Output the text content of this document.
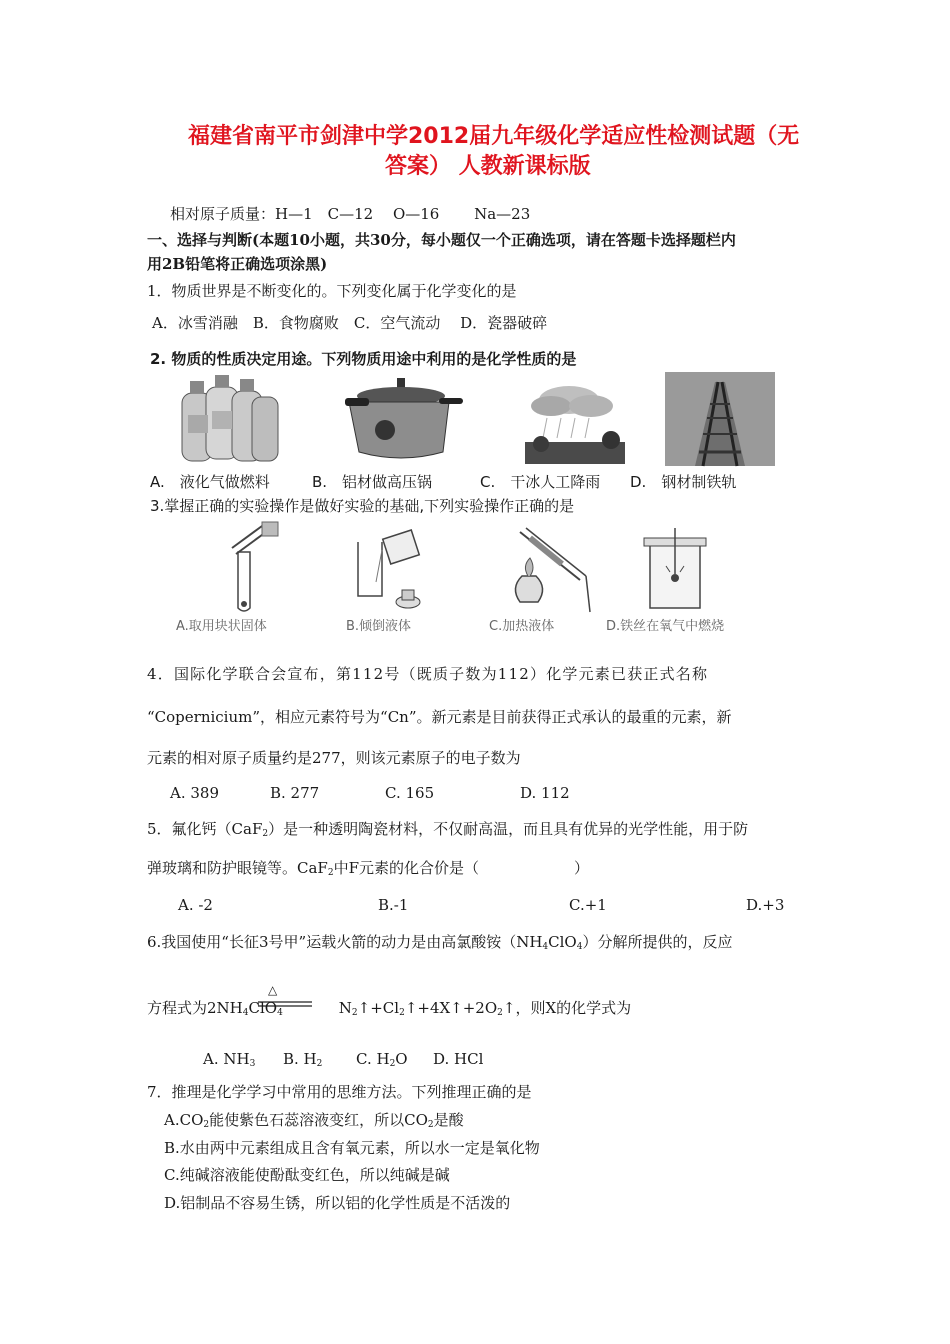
福建省南平市剑津中学2012届九年级化学适应性检测试题（无
答案） 人教新课标版
相对原子质量：H—1　C—12　 O—16　　 Na—23
一、选择与判断(本题10小题，共30分，每小题仅一个正确选项，请在答题卡选择题栏内
用2B铅笔将正确选项涂黑)
1．物质世界是不断变化的。下列变化属于化学变化的是
A．冰雪消融　B．食物腐败　C．空气流动　 D．瓷器破碎
2. 物质的性质决定用途。下列物质用途中利用的是化学性质的是
A.　液化气做燃料	B.　铝材做高压锅	C.　干冰人工降雨 D.　钢材制铁轨
3.掌握正确的实验操作是做好实验的基础,下列实验操作正确的是
A.取用块状固体	B.倾倒液体	C.加热液体	D.铁丝在氧气中燃烧
4．国际化学联合会宣布，第112号（既质子数为112）化学元素已获正式名称
“Copernicium”，相应元素符号为“Cn”。新元素是目前获得正式承认的最重的元素，新
元素的相对原子质量约是277，则该元素原子的电子数为
A. 389	B. 277	C. 165	D. 112
5．氟化钙（CaF$_2$）是一种透明陶瓷材料，不仅耐高温，而且具有优异的光学性能，用于防
弹玻璃和防护眼镜等。CaF$_2$中F元素的化合价是（	）
A. -2	B.-1	C.+1	D.+3
6.我国使用“长征3号甲”运载火箭的动力是由高氯酸铵$(NH_4ClO_4)$分解所提供的，反应
△
方程式为$2NH_4ClO_4$	$N_2↑+Cl_2↑+4X↑+2O_2↑$，则X的化学式为
A. $NH_3$ B. $H_2$ C. $H_2O$ D. HCl
7．推理是化学学习中常用的思维方法。下列推理正确的是
$A.CO_2$能使紫色石蕊溶液变红，所以$CO_2$是酸
B.水由两中元素组成且含有氧元素，所以水一定是氧化物
C.纯碱溶液能使酚酞变红色，所以纯碱是碱
D.铝制品不容易生锈，所以铝的化学性质是不活泼的
